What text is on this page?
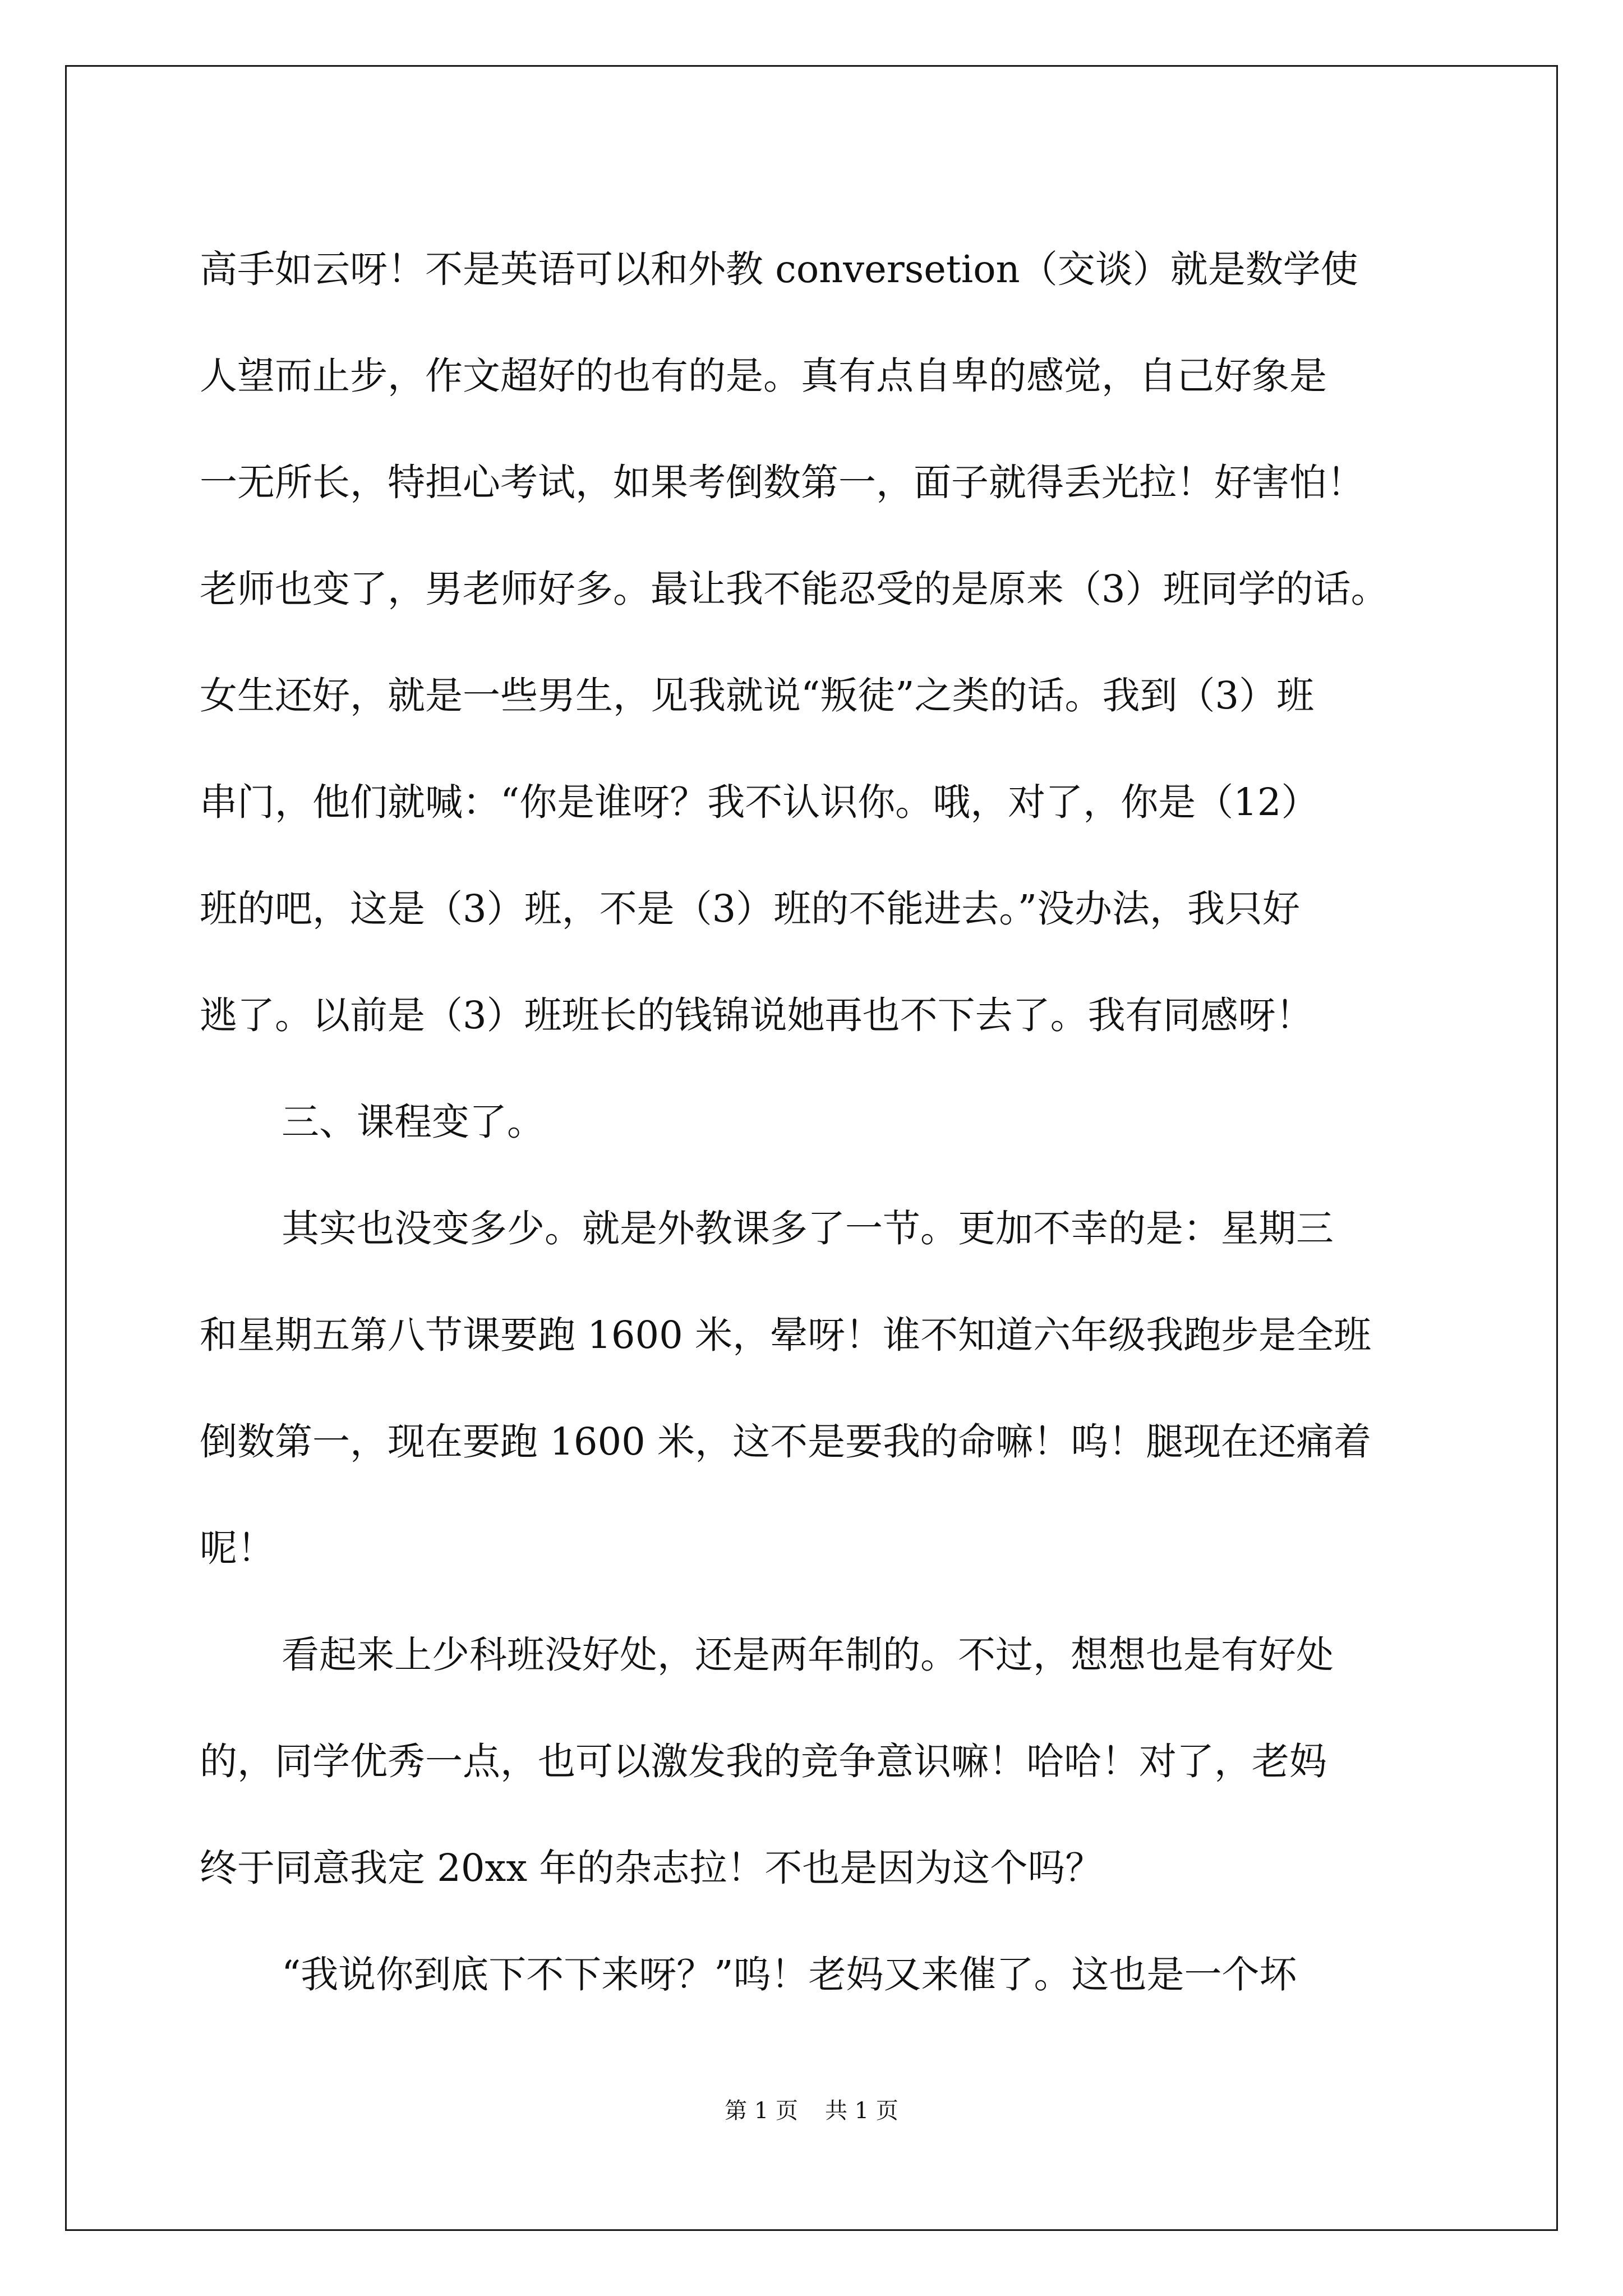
高手如云呀！不是英语可以和外教 conversetion（交谈）就是数学使
人望而止步，作文超好的也有的是。真有点自卑的感觉，自己好象是
一无所长，特担心考试，如果考倒数第一，面子就得丢光拉！好害怕！
老师也变了，男老师好多。最让我不能忍受的是原来（3）班同学的话。
女生还好，就是一些男生，见我就说“叛徒”之类的话。我到（3）班
串门，他们就喊：“你是谁呀？我不认识你。哦，对了，你是（12）
班的吧，这是（3）班，不是（3）班的不能进去。”没办法，我只好
逃了。以前是（3）班班长的钱锦说她再也不下去了。我有同感呀！
三、课程变了。
其实也没变多少。就是外教课多了一节。更加不幸的是：星期三
和星期五第八节课要跑 1600 米，晕呀！谁不知道六年级我跑步是全班
倒数第一，现在要跑 1600 米，这不是要我的命嘛！呜！腿现在还痛着
呢！
看起来上少科班没好处，还是两年制的。不过，想想也是有好处
的，同学优秀一点，也可以激发我的竞争意识嘛！哈哈！对了，老妈
终于同意我定 20xx 年的杂志拉！不也是因为这个吗？
“我说你到底下不下来呀？”呜！老妈又来催了。这也是一个坏
第 1 页 共 1 页
